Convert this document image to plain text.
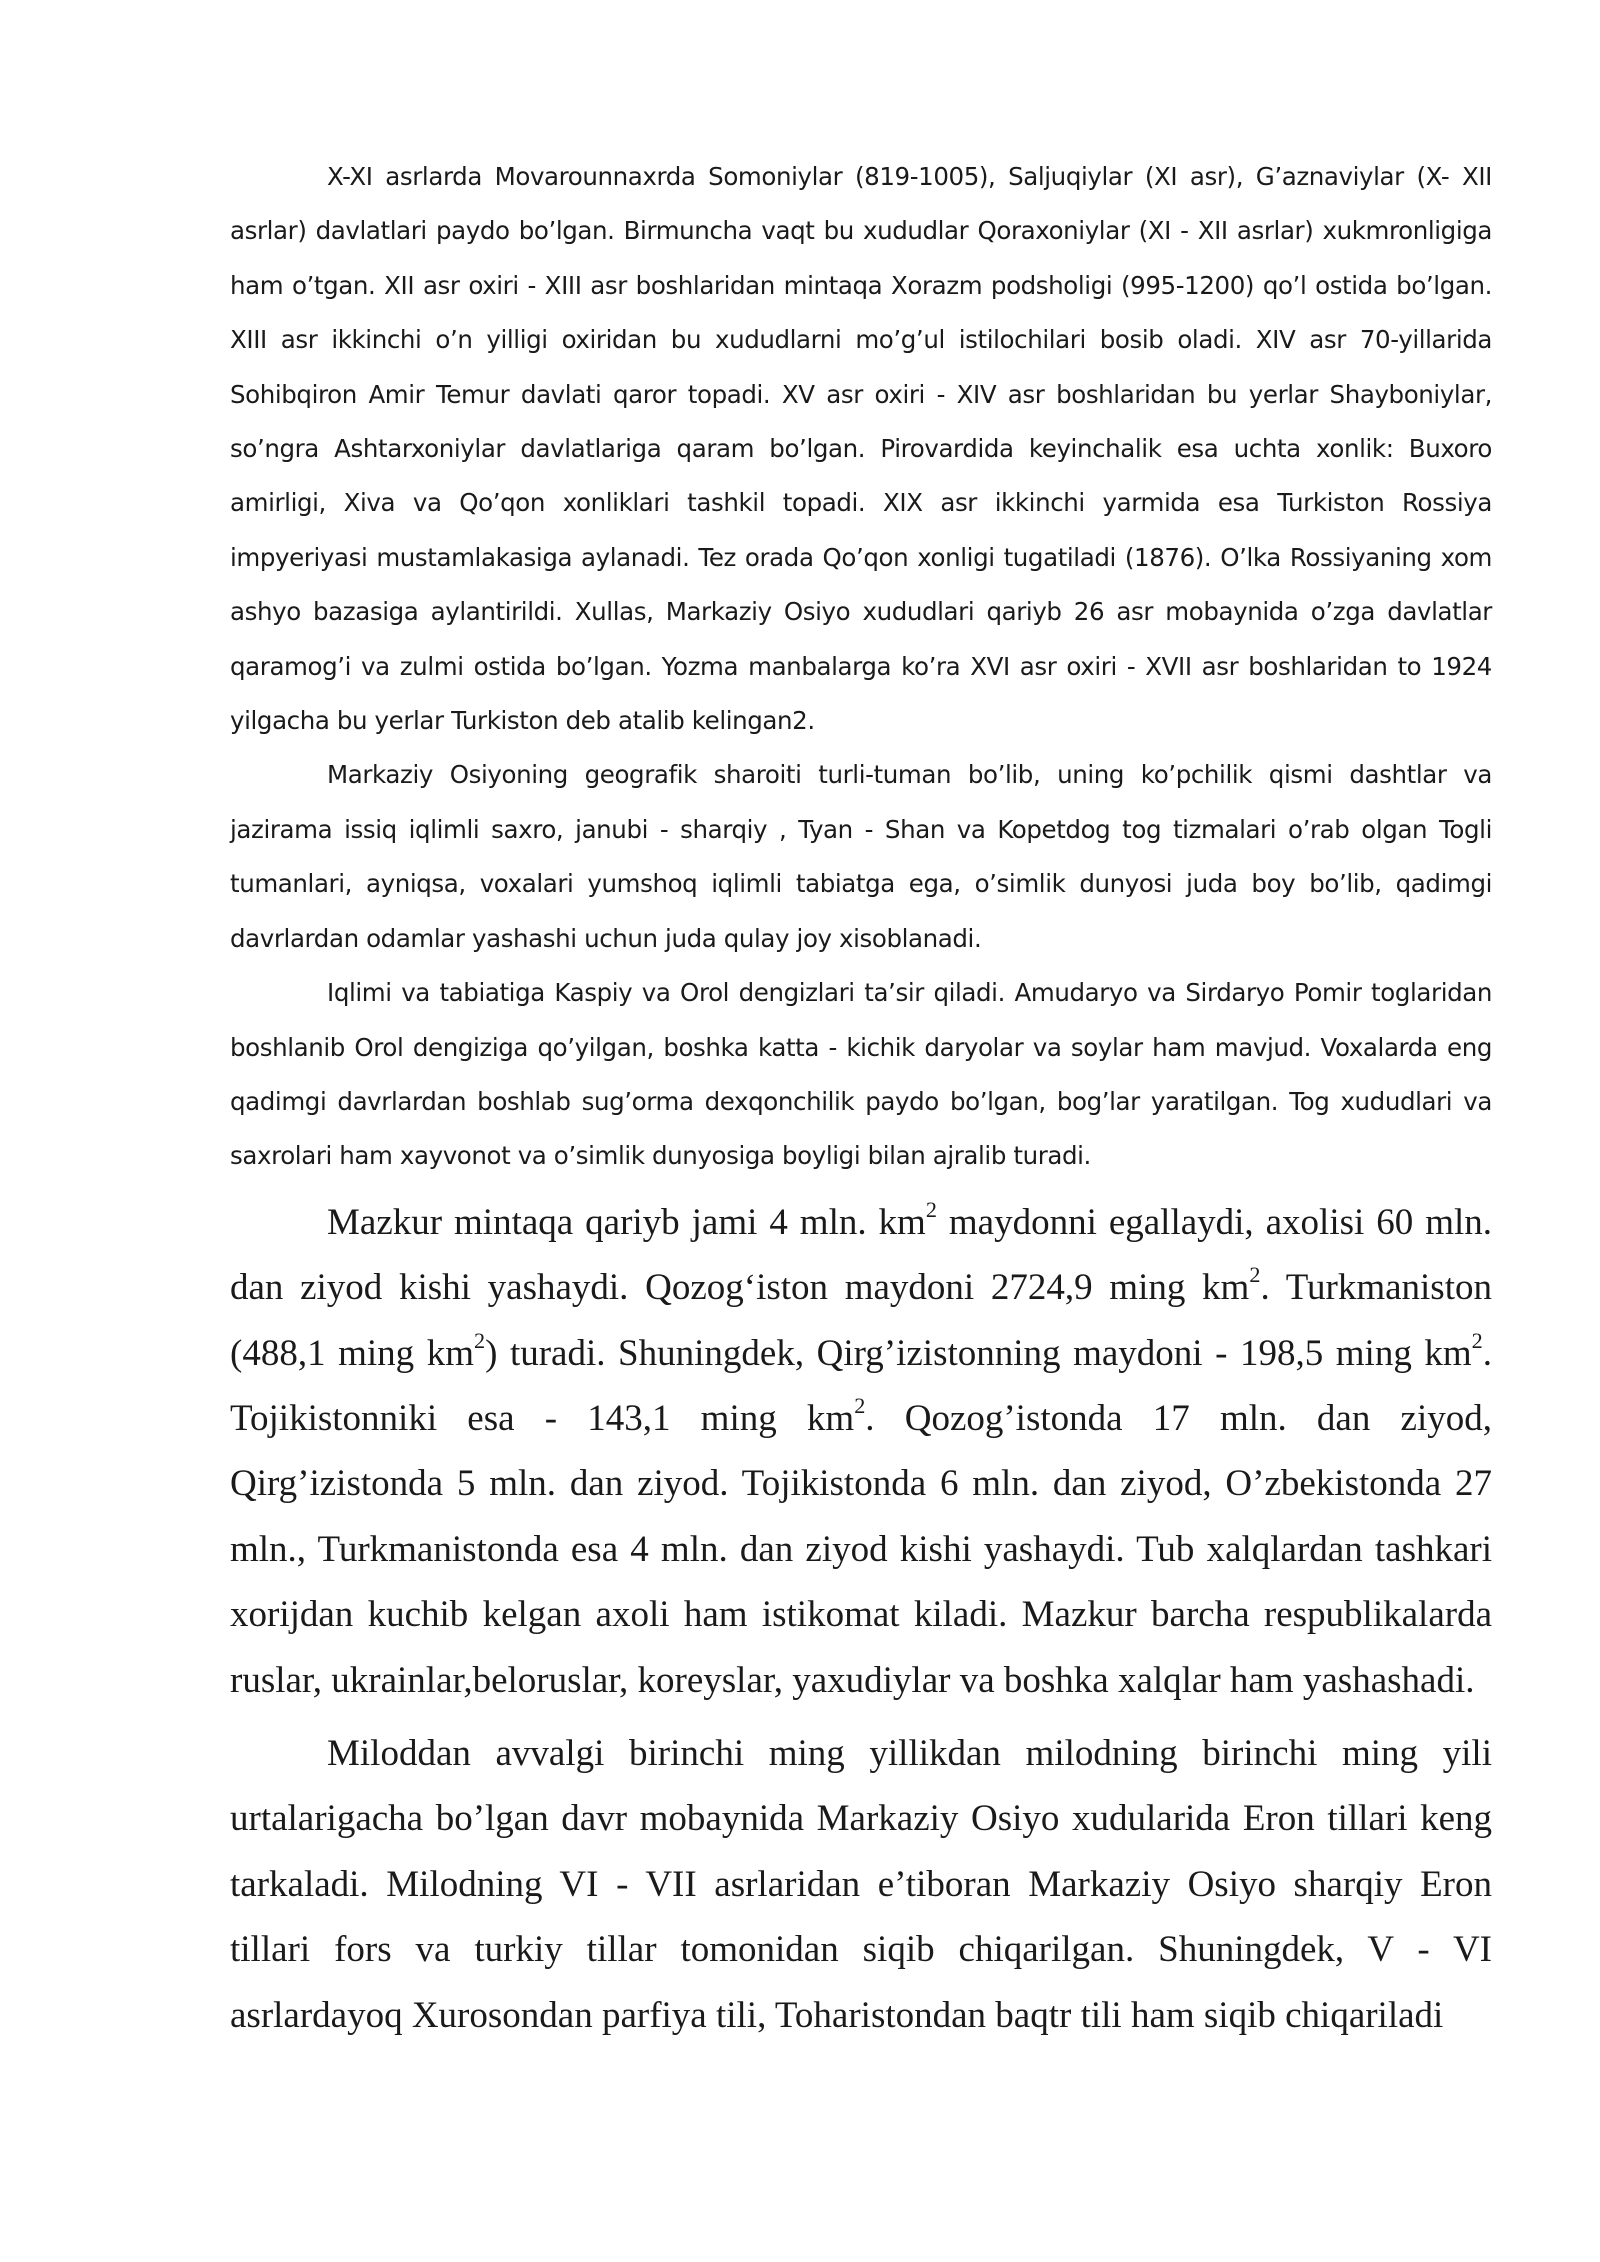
X-XI asrlarda Movarounnaxrda Somoniylar (819-1005), Saljuqiylar (XI asr), G’aznaviylar (X- XII asrlar) davlatlari paydo bo’lgan. Birmuncha vaqt bu xududlar Qoraxoniylar (XI - XII asrlar) xukmronligiga ham o’tgan. XII asr oxiri - XIII asr boshlaridan mintaqa Xorazm podsholigi (995-1200) qo’l ostida bo’lgan. XIII asr ikkinchi o’n yilligi oxiridan bu xududlarni mo’g’ul istilochilari bosib oladi. XIV asr 70-yillarida Sohibqiron Amir Temur davlati qaror topadi. XV asr oxiri - XIV asr boshlaridan bu yerlar Shayboniylar, so’ngra Ashtarxoniylar davlatlariga qaram bo’lgan. Pirovardida keyinchalik esa uchta xonlik: Buxoro amirligi, Xiva va Qo’qon xonliklari tashkil topadi. XIX asr ikkinchi yarmida esa Turkiston Rossiya impyeriyasi mustamlakasiga aylanadi. Tez orada Qo’qon xonligi tugatiladi (1876). O’lka Rossiyaning xom ashyo bazasiga aylantirildi. Xullas, Markaziy Osiyo xududlari qariyb 26 asr mobaynida o’zga davlatlar qaramog’i va zulmi ostida bo’lgan. Yozma manbalarga ko’ra XVI asr oxiri - XVII asr boshlaridan to 1924 yilgacha bu yerlar Turkiston deb atalib kelingan2.

Markaziy Osiyoning geografik sharoiti turli-tuman bo’lib, uning ko’pchilik qismi dashtlar va jazirama issiq iqlimli saxro, janubi - sharqiy , Tyan - Shan va Kopetdog tog tizmalari o’rab olgan Togli tumanlari, ayniqsa, voxalari yumshoq iqlimli tabiatga ega, o’simlik dunyosi juda boy bo’lib, qadimgi davrlardan odamlar yashashi uchun juda qulay joy xisoblanadi.

Iqlimi va tabiatiga Kaspiy va Orol dengizlari ta’sir qiladi. Amudaryo va Sirdaryo Pomir toglaridan boshlanib Orol dengiziga qo’yilgan, boshka katta - kichik daryolar va soylar ham mavjud. Voxalarda eng qadimgi davrlardan boshlab sug’orma dexqonchilik paydo bo’lgan, bog’lar yaratilgan. Tog xududlari va saxrolari ham xayvonot va o’simlik dunyosiga boyligi bilan ajralib turadi.

Mazkur mintaqa qariyb jami 4 mln. $km^2$ maydonni egallaydi, axolisi 60 mln. dan ziyod kishi yashaydi. Qozog‘iston maydoni 2724,9 ming $km^2$. Turkmaniston (488,1 ming $km^2$) turadi. Shuningdek, Qirg’izistonning maydoni - 198,5 ming $km^2$. Tojikistonniki esa - 143,1 ming $km^2$. Qozog’istonda 17 mln. dan ziyod, Qirg’izistonda 5 mln. dan ziyod. Tojikistonda 6 mln. dan ziyod, O’zbekistonda 27 mln., Turkmanistonda esa 4 mln. dan ziyod kishi yashaydi. Tub xalqlardan tashkari xorijdan kuchib kelgan axoli ham istikomat kiladi. Mazkur barcha respublikalarda ruslar, ukrainlar,beloruslar, koreyslar, yaxudiylar va boshka xalqlar ham yashashadi.

Miloddan avvalgi birinchi ming yillikdan milodning birinchi ming yili urtalarigacha bo’lgan davr mobaynida Markaziy Osiyo xudularida Eron tillari keng tarkaladi. Milodning VI - VII asrlaridan e’tiboran Markaziy Osiyo sharqiy Eron tillari fors va turkiy tillar tomonidan siqib chiqarilgan. Shuningdek, V - VI asrlardayoq Xurosondan parfiya tili, Toharistondan baqtr tili ham siqib chiqariladi
